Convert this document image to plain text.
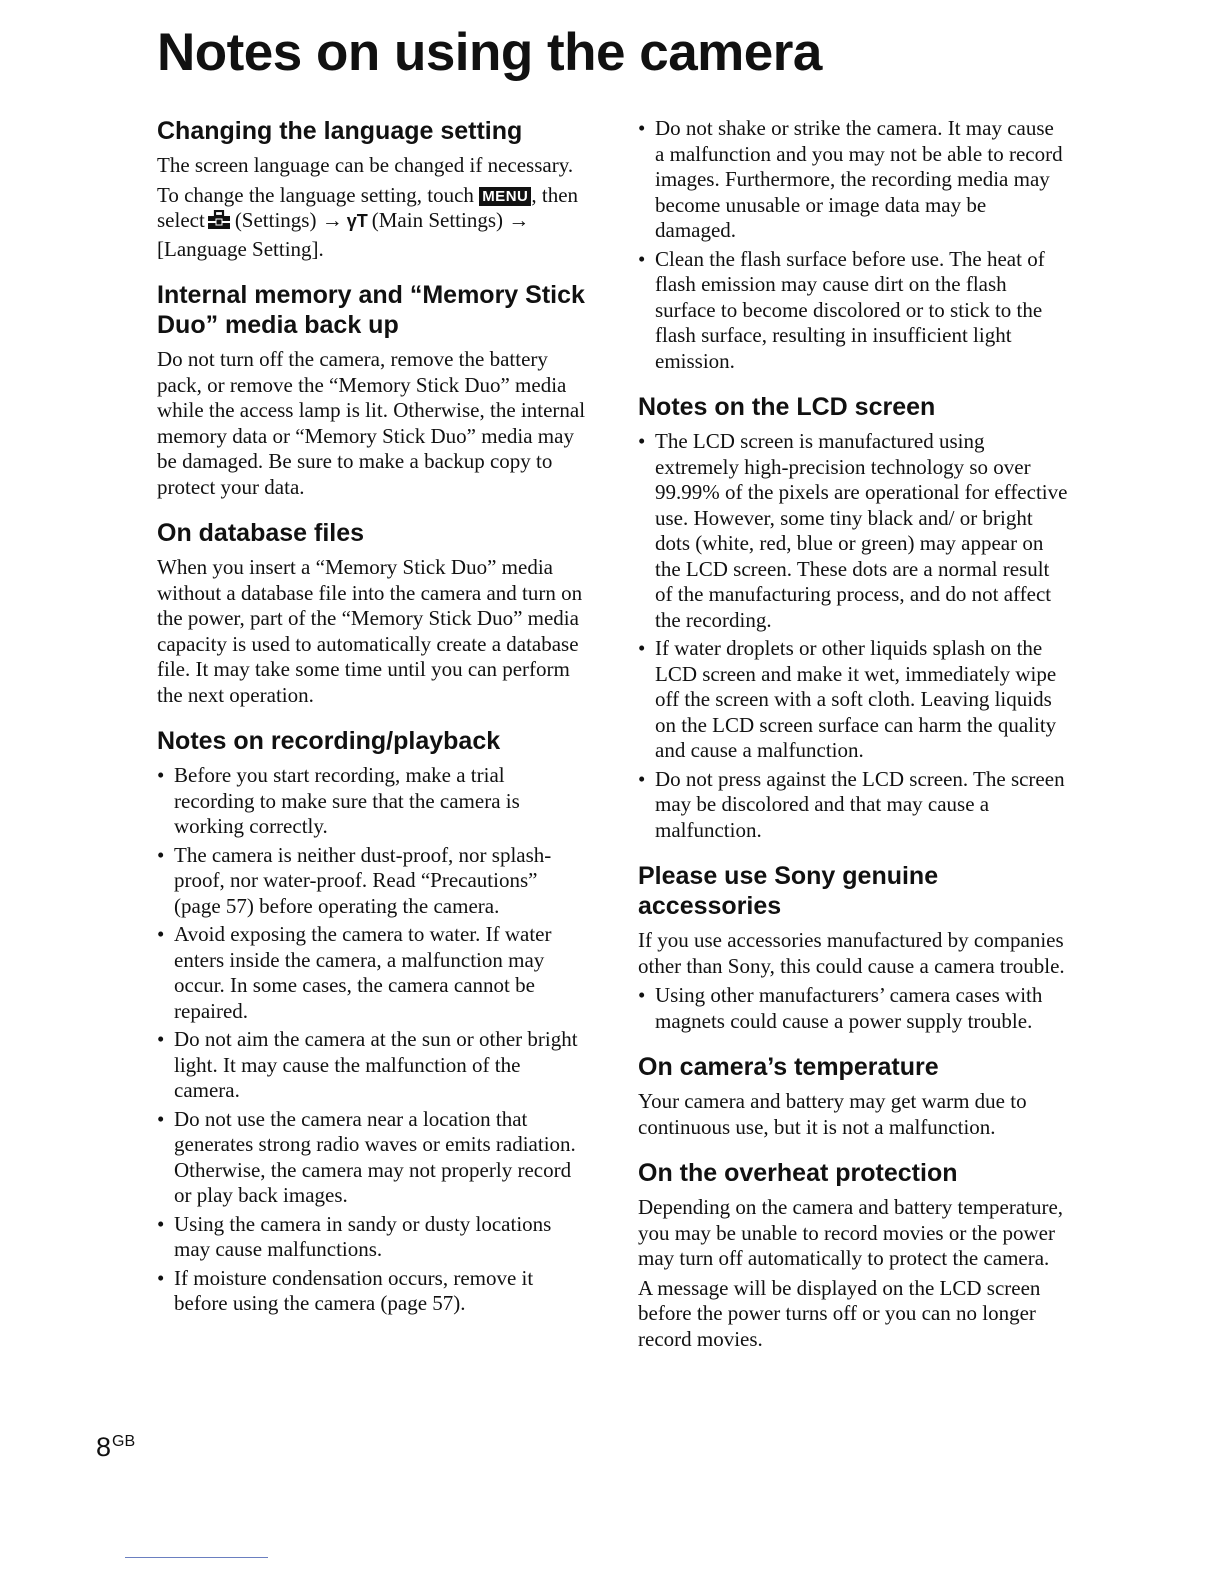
Notes on using the camera
Changing the language setting

The screen language can be changed if necessary.

To change the language setting, touch MENU , then select (Settings) → γT (Main Settings) → [Language Setting].

Internal memory and “Memory Stick Duo” media back up

Do not turn off the camera, remove the battery pack, or remove the “Memory Stick Duo” media while the access lamp is lit. Otherwise, the internal memory data or “Memory Stick Duo” media may be damaged. Be sure to make a backup copy to protect your data.

On database files

When you insert a “Memory Stick Duo” media without a database file into the camera and turn on the power, part of the “Memory Stick Duo” media capacity is used to automatically create a database file. It may take some time until you can perform the next operation.

Notes on recording/playback
• Before you start recording, make a trial recording to make sure that the camera is working correctly.
• The camera is neither dust-proof, nor splash-proof, nor water-proof. Read “Precautions” (page 57) before operating the camera.
• Avoid exposing the camera to water. If water enters inside the camera, a malfunction may occur. In some cases, the camera cannot be repaired.
• Do not aim the camera at the sun or other bright light. It may cause the malfunction of the camera.
• Do not use the camera near a location that generates strong radio waves or emits radiation. Otherwise, the camera may not properly record or play back images.
• Using the camera in sandy or dusty locations may cause malfunctions.
• If moisture condensation occurs, remove it before using the camera (page 57).
• Do not shake or strike the camera. It may cause a malfunction and you may not be able to record images. Furthermore, the recording media may become unusable or image data may be damaged.
• Clean the flash surface before use. The heat of flash emission may cause dirt on the flash surface to become discolored or to stick to the flash surface, resulting in insufficient light emission.
Notes on the LCD screen
• The LCD screen is manufactured using extremely high-precision technology so over 99.99% of the pixels are operational for effective use. However, some tiny black and/ or bright dots (white, red, blue or green) may appear on the LCD screen. These dots are a normal result of the manufacturing process, and do not affect the recording.
• If water droplets or other liquids splash on the LCD screen and make it wet, immediately wipe off the screen with a soft cloth. Leaving liquids on the LCD screen surface can harm the quality and cause a malfunction.
• Do not press against the LCD screen. The screen may be discolored and that may cause a malfunction.
Please use Sony genuine accessories

If you use accessories manufactured by companies other than Sony, this could cause a camera trouble.

• Using other manufacturers’ camera cases with magnets could cause a power supply trouble.
On camera’s temperature

Your camera and battery may get warm due to continuous use, but it is not a malfunction.

On the overheat protection

Depending on the camera and battery temperature, you may be unable to record movies or the power may turn off automatically to protect the camera.

A message will be displayed on the LCD screen before the power turns off or you can no longer record movies.

$8^{GB}$
